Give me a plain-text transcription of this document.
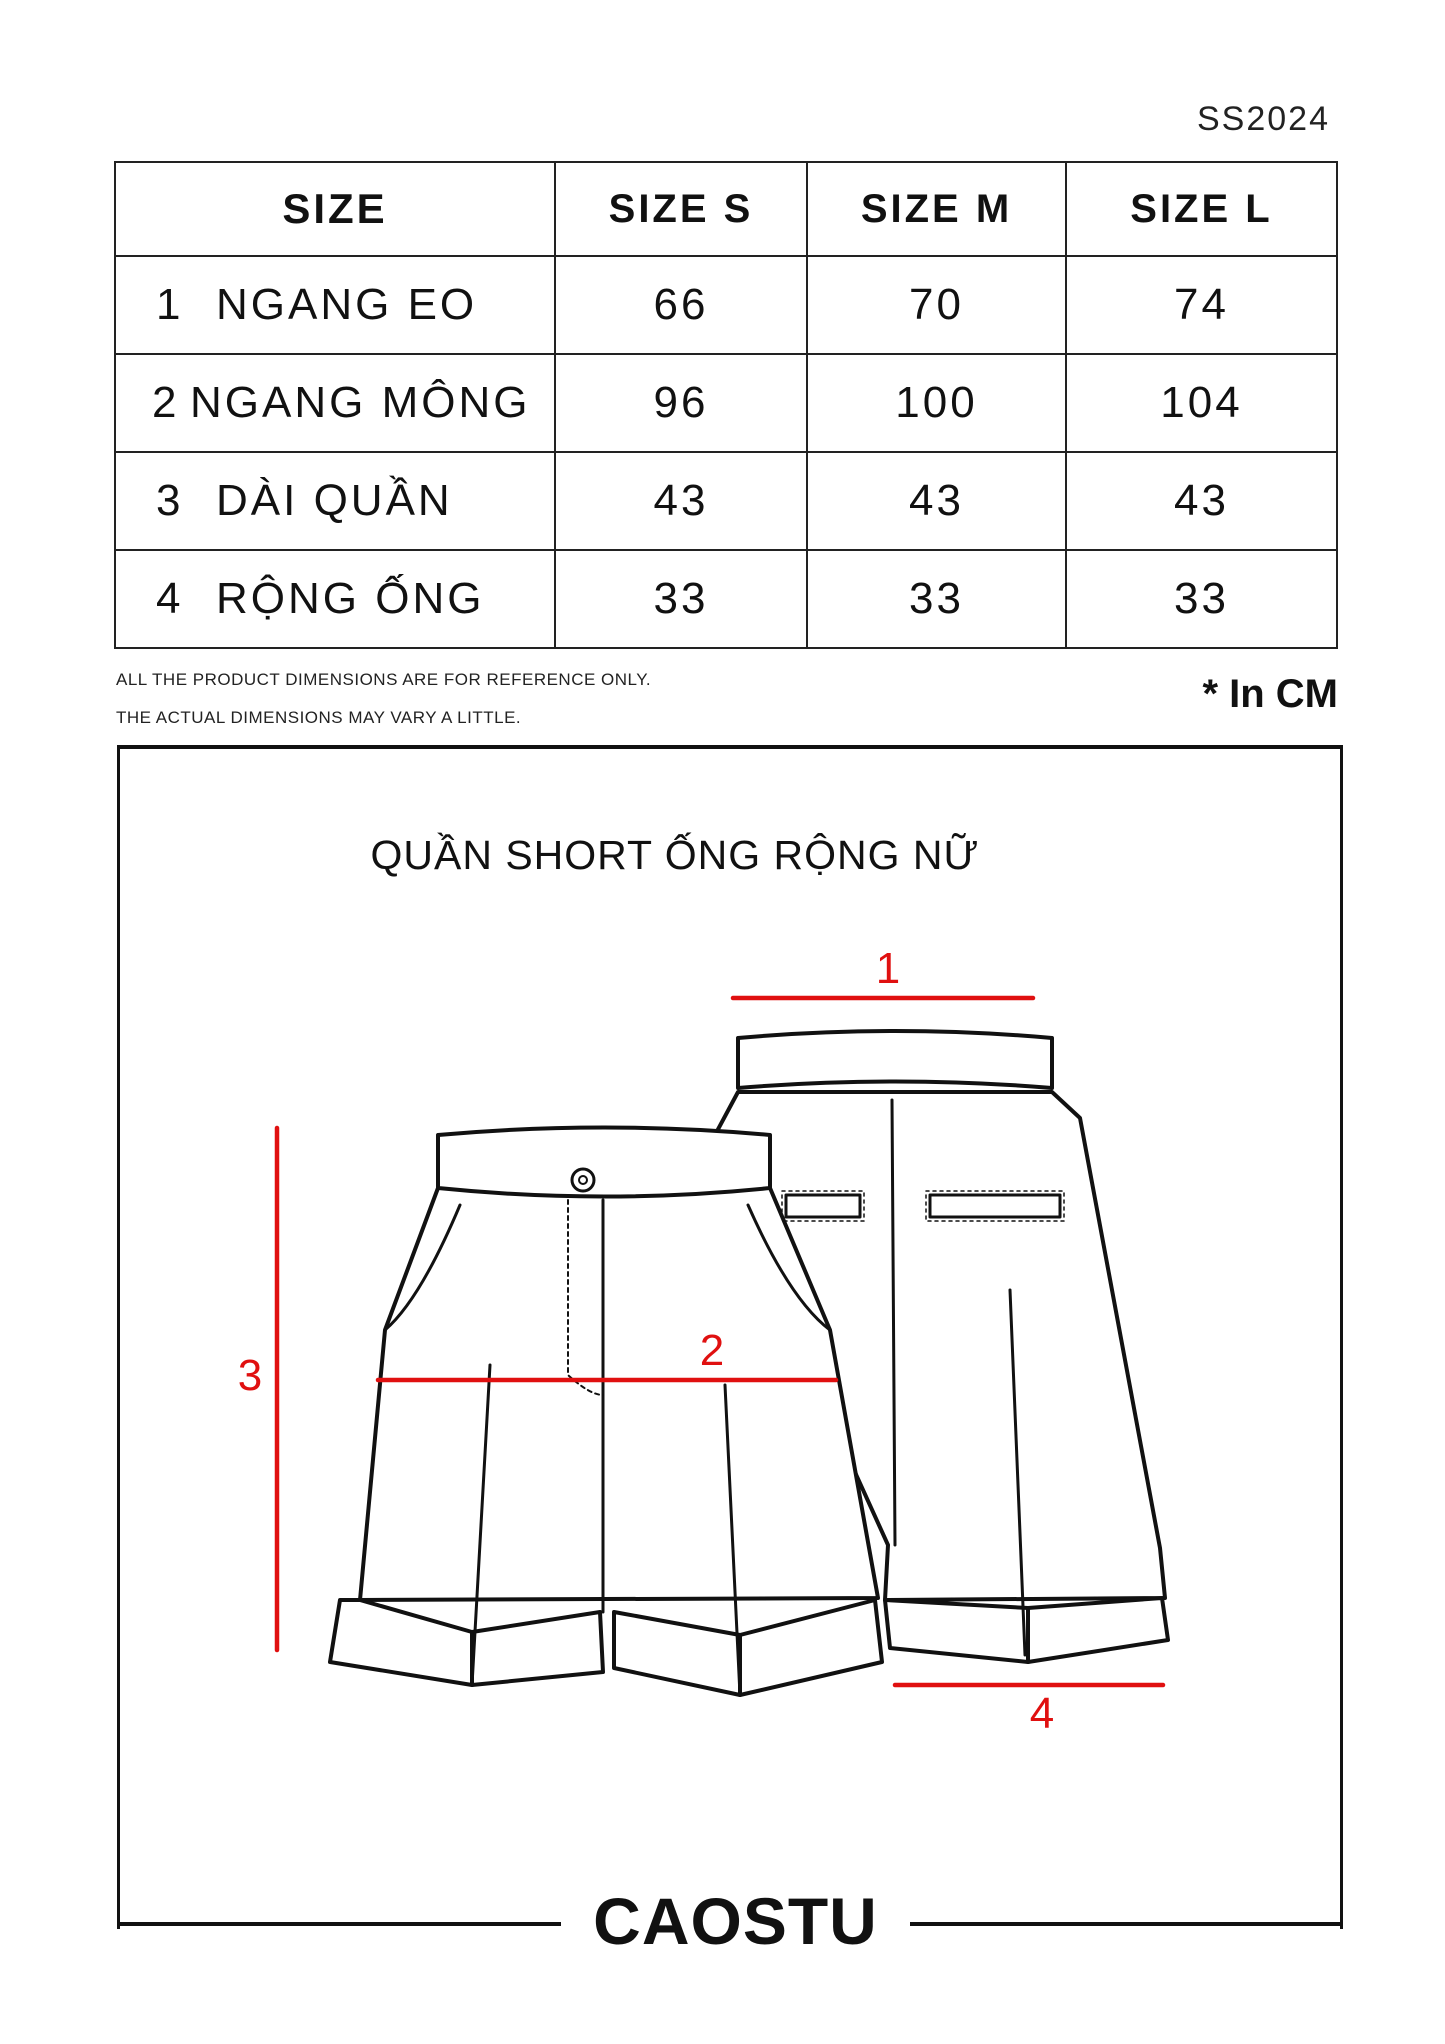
SS2024
SIZE	SIZE S	SIZE M	SIZE L
1 NGANG EO	66	70	74
2 NGANG MÔNG	96	100	104
3 DÀI QUẦN	43	43	43
4 RỘNG ỐNG	33	33	33
ALL THE PRODUCT DIMENSIONS ARE FOR REFERENCE ONLY.
THE ACTUAL DIMENSIONS MAY VARY A LITTLE.
* In CM
QUẦN SHORT ỐNG RỘNG NỮ
1
2
3
4
CAOSTU
